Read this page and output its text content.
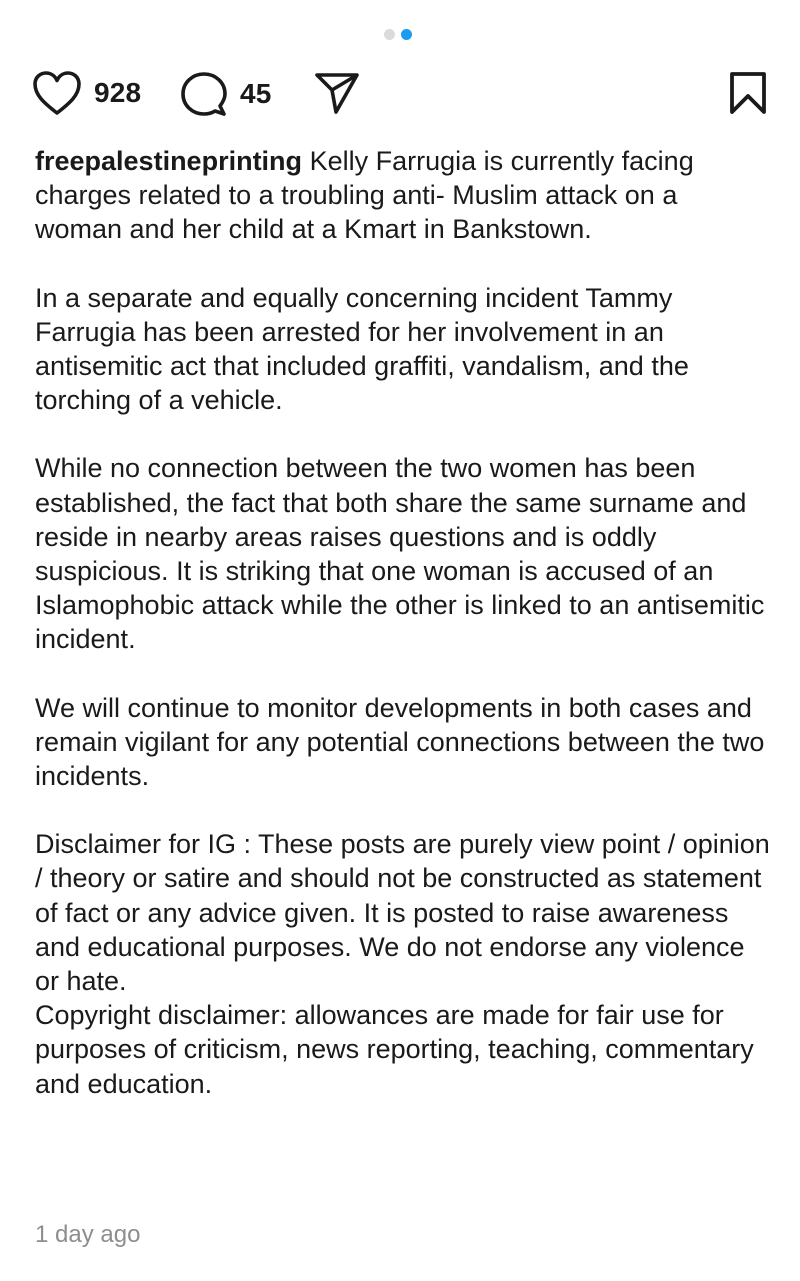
928	45

freepalestineprinting Kelly Farrugia is currently facing charges related to a troubling anti- Muslim attack on a woman and her child at a Kmart in Bankstown.

In a separate and equally concerning incident Tammy Farrugia has been arrested for her involvement in an antisemitic act that included graffiti, vandalism, and the torching of a vehicle.

While no connection between the two women has been established, the fact that both share the same surname and reside in nearby areas raises questions and is oddly suspicious. It is striking that one woman is accused of an Islamophobic attack while the other is linked to an antisemitic incident.

We will continue to monitor developments in both cases and remain vigilant for any potential connections between the two incidents.

Disclaimer for IG : These posts are purely view point / opinion / theory or satire and should not be constructed as statement of fact or any advice given. It is posted to raise awareness and educational purposes. We do not endorse any violence or hate.

Copyright disclaimer: allowances are made for fair use for purposes of criticism, news reporting, teaching, commentary and education.

1 day ago
